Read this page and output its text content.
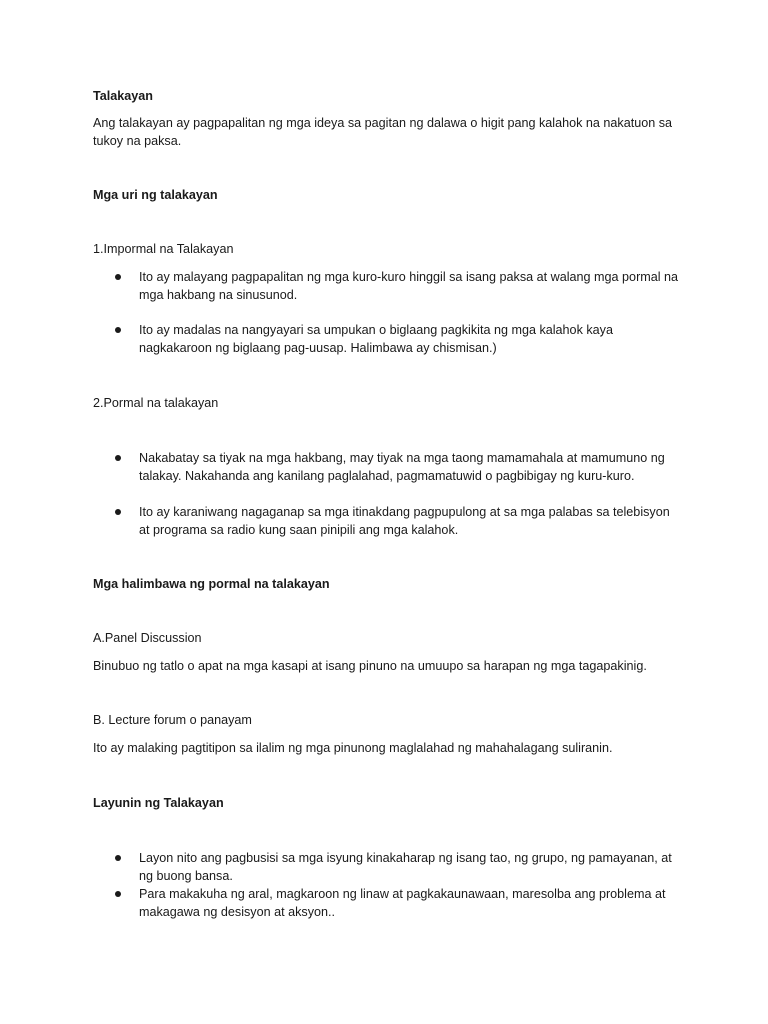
Talakayan

Ang talakayan ay pagpapalitan ng mga ideya sa pagitan ng dalawa o higit pang kalahok na nakatuon sa tukoy na paksa.

Mga uri ng talakayan

1.Impormal na Talakayan

Ito ay malayang pagpapalitan ng mga kuro-kuro hinggil sa isang paksa at walang mga pormal na mga hakbang na sinusunod.
Ito ay madalas na nangyayari sa umpukan o biglaang pagkikita ng mga kalahok kaya nagkakaroon ng biglaang pag-uusap. Halimbawa ay chismisan.)

2.Pormal na talakayan

Nakabatay sa tiyak na mga hakbang, may tiyak na mga taong mamamahala at mamumuno ng talakay. Nakahanda ang kanilang paglalahad, pagmamatuwid o pagbibigay ng kuru-kuro.
Ito ay karaniwang nagaganap sa mga itinakdang pagpupulong at sa mga palabas sa telebisyon at programa sa radio kung saan pinipili ang mga kalahok.

Mga halimbawa ng pormal na talakayan

A.Panel Discussion

Binubuo ng tatlo o apat na mga kasapi at isang pinuno na umuupo sa harapan ng mga tagapakinig.

B. Lecture forum o panayam

Ito ay malaking pagtitipon sa ilalim ng mga pinunong maglalahad ng mahahalagang suliranin.

Layunin ng Talakayan

Layon nito ang pagbusisi sa mga isyung kinakaharap ng isang tao, ng grupo, ng pamayanan, at ng buong bansa.
Para makakuha ng aral, magkaroon ng linaw at pagkakaunawaan, maresolba ang problema at makagawa ng desisyon at aksyon..
